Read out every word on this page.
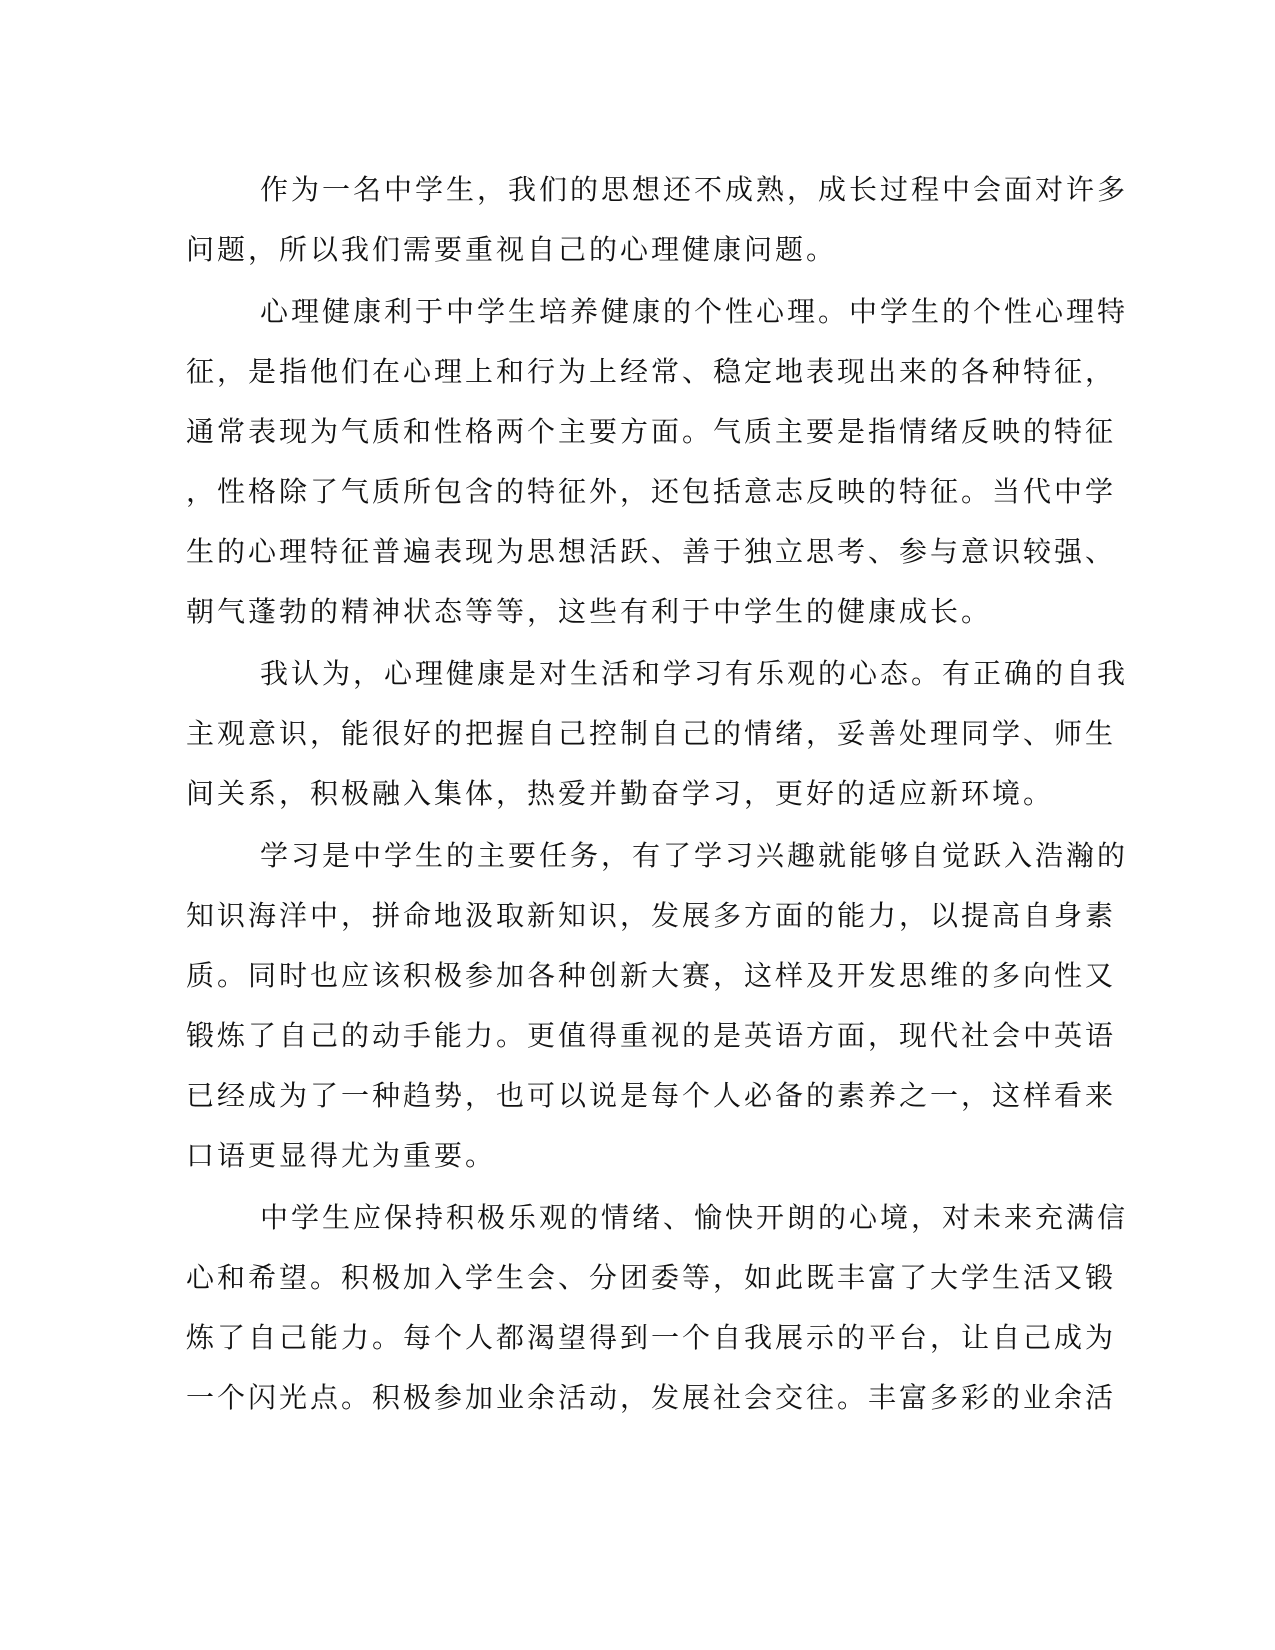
作为一名中学生，我们的思想还不成熟，成长过程中会面对许多
问题，所以我们需要重视自己的心理健康问题。
心理健康利于中学生培养健康的个性心理。中学生的个性心理特
征，是指他们在心理上和行为上经常、稳定地表现出来的各种特征，
通常表现为气质和性格两个主要方面。气质主要是指情绪反映的特征
，性格除了气质所包含的特征外，还包括意志反映的特征。当代中学
生的心理特征普遍表现为思想活跃、善于独立思考、参与意识较强、
朝气蓬勃的精神状态等等，这些有利于中学生的健康成长。
我认为，心理健康是对生活和学习有乐观的心态。有正确的自我
主观意识，能很好的把握自己控制自己的情绪，妥善处理同学、师生
间关系，积极融入集体，热爱并勤奋学习，更好的适应新环境。
学习是中学生的主要任务，有了学习兴趣就能够自觉跃入浩瀚的
知识海洋中，拼命地汲取新知识，发展多方面的能力，以提高自身素
质。同时也应该积极参加各种创新大赛，这样及开发思维的多向性又
锻炼了自己的动手能力。更值得重视的是英语方面，现代社会中英语
已经成为了一种趋势，也可以说是每个人必备的素养之一，这样看来
口语更显得尤为重要。
中学生应保持积极乐观的情绪、愉快开朗的心境，对未来充满信
心和希望。积极加入学生会、分团委等，如此既丰富了大学生活又锻
炼了自己能力。每个人都渴望得到一个自我展示的平台，让自己成为
一个闪光点。积极参加业余活动，发展社会交往。丰富多彩的业余活
